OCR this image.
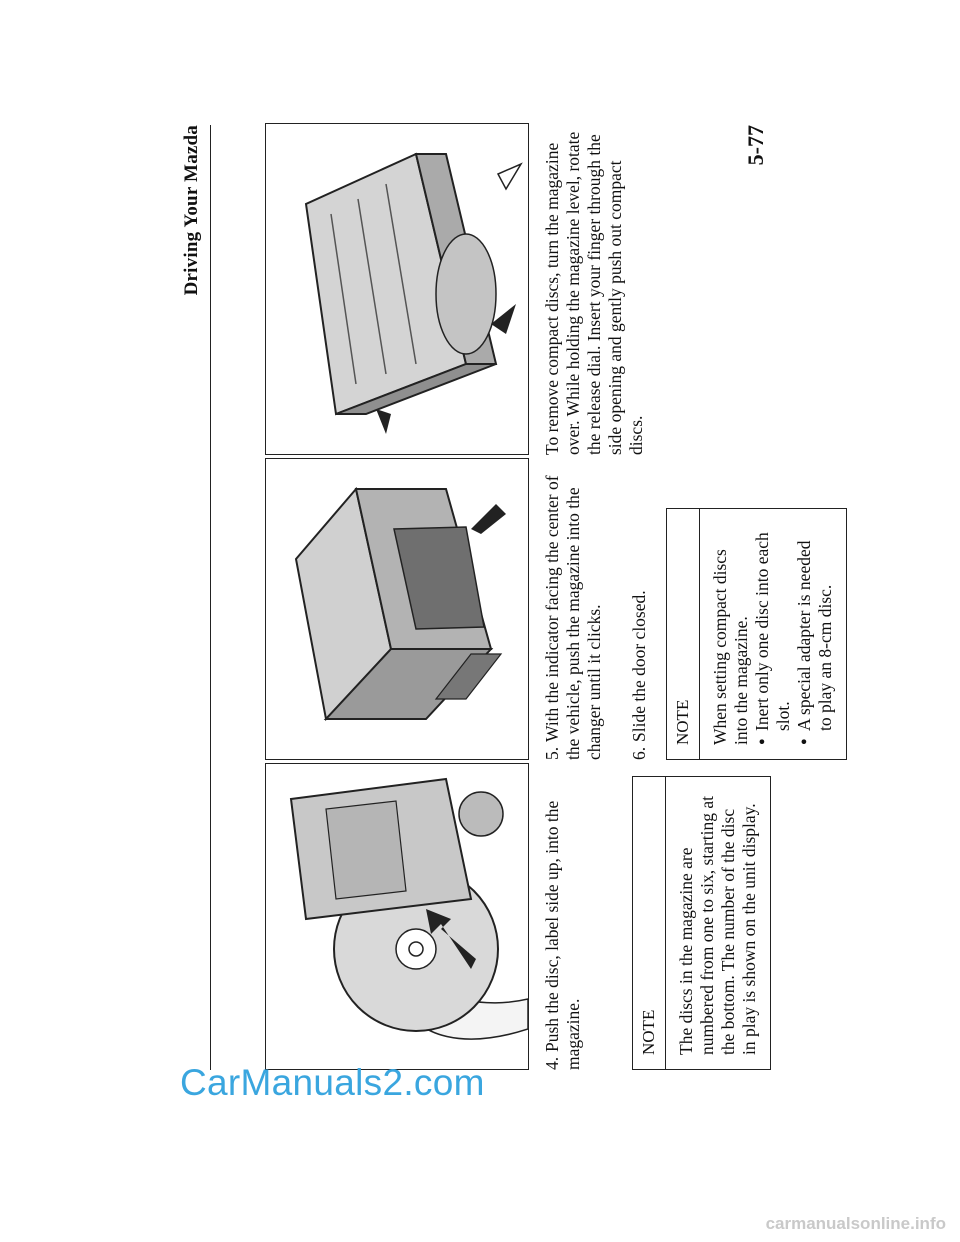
Driving Your Mazda
4.Push the disc, label side up, into the magazine.	NOTE	The discs in the magazine are numbered from one to six, starting at the bottom. The number of the disc in play is shown on the unit display.
5.With the indicator facing the center of the vehicle, push the magazine into the changer until it clicks. 6.Slide the door closed.	NOTE	When setting compact discs into the magazine. ● Inert only one disc into each slot. ● A special adapter is needed to play an 8-cm disc.
To remove compact discs, turn the magazine over. While holding the magazine level, rotate the release dial. Insert your finger through the side opening and gently push out compact discs.
5-77
CarManuals2.com
carmanualsonline.info
